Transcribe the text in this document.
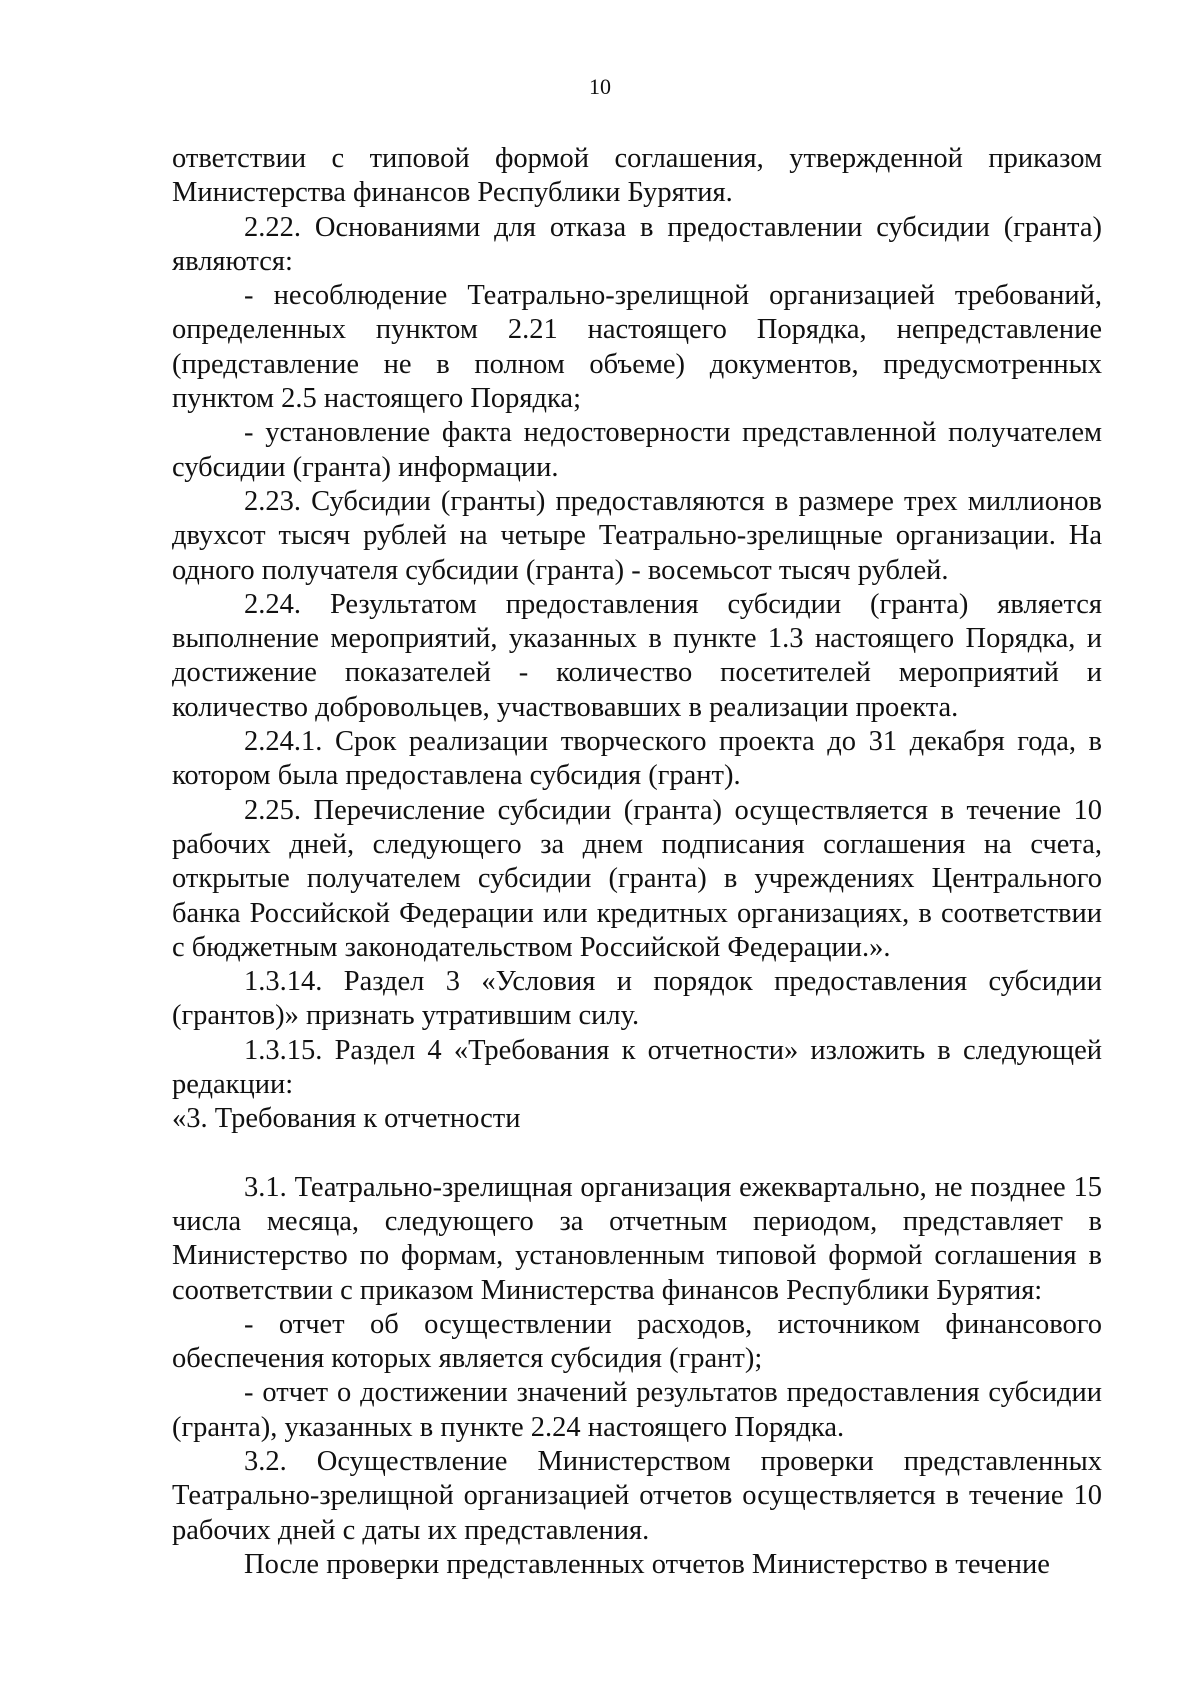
10

ответствии с типовой формой соглашения, утвержденной приказом Министерства финансов Республики Бурятия.

2.22. Основаниями для отказа в предоставлении субсидии (гранта) являются:

- несоблюдение Театрально-зрелищной организацией требований, определенных пунктом 2.21 настоящего Порядка, непредставление (представление не в полном объеме) документов, предусмотренных пунктом 2.5 настоящего Порядка;

- установление факта недостоверности представленной получателем субсидии (гранта) информации.

2.23. Субсидии (гранты) предоставляются в размере трех миллионов двухсот тысяч рублей на четыре Театрально-зрелищные организации. На одного получателя субсидии (гранта) - восемьсот тысяч рублей.

2.24. Результатом предоставления субсидии (гранта) является выполнение мероприятий, указанных в пункте 1.3 настоящего Порядка, и достижение показателей - количество посетителей мероприятий и количество добровольцев, участвовавших в реализации проекта.

2.24.1. Срок реализации творческого проекта до 31 декабря года, в котором была предоставлена субсидия (грант).

2.25. Перечисление субсидии (гранта) осуществляется в течение 10 рабочих дней, следующего за днем подписания соглашения на счета, открытые получателем субсидии (гранта) в учреждениях Центрального банка Российской Федерации или кредитных организациях, в соответствии с бюджетным законодательством Российской Федерации.».

1.3.14. Раздел 3 «Условия и порядок предоставления субсидии (грантов)» признать утратившим силу.

1.3.15. Раздел 4 «Требования к отчетности» изложить в следующей редакции:

«3. Требования к отчетности

3.1. Театрально-зрелищная организация ежеквартально, не позднее 15 числа месяца, следующего за отчетным периодом, представляет в Министерство по формам, установленным типовой формой соглашения в соответствии с приказом Министерства финансов Республики Бурятия:

- отчет об осуществлении расходов, источником финансового обеспечения которых является субсидия (грант);

- отчет о достижении значений результатов предоставления субсидии (гранта), указанных в пункте 2.24 настоящего Порядка.

3.2. Осуществление Министерством проверки представленных Театрально-зрелищной организацией отчетов осуществляется в течение 10 рабочих дней с даты их представления.

После проверки представленных отчетов Министерство в течение
